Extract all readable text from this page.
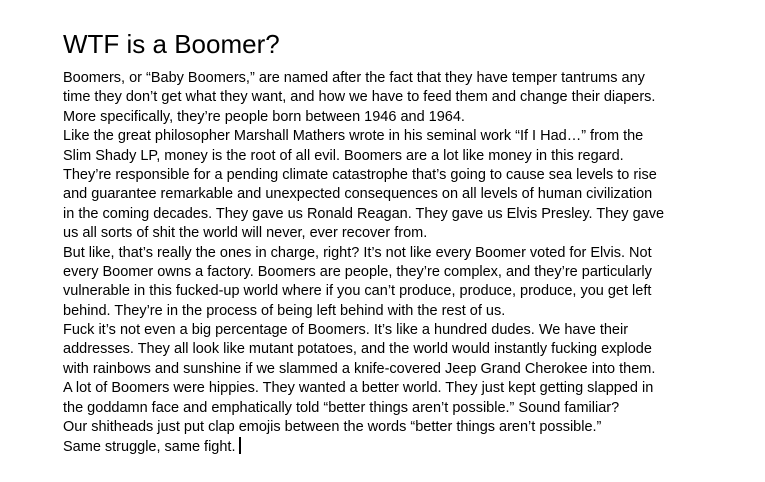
WTF is a Boomer?
Boomers, or “Baby Boomers,” are named after the fact that they have temper tantrums any
time they don’t get what they want, and how we have to feed them and change their diapers.
More specifically, they’re people born between 1946 and 1964.
Like the great philosopher Marshall Mathers wrote in his seminal work “If I Had…” from the
Slim Shady LP, money is the root of all evil. Boomers are a lot like money in this regard.
They’re responsible for a pending climate catastrophe that’s going to cause sea levels to rise
and guarantee remarkable and unexpected consequences on all levels of human civilization
in the coming decades. They gave us Ronald Reagan. They gave us Elvis Presley. They gave
us all sorts of shit the world will never, ever recover from.
But like, that’s really the ones in charge, right? It’s not like every Boomer voted for Elvis. Not
every Boomer owns a factory. Boomers are people, they’re complex, and they’re particularly
vulnerable in this fucked-up world where if you can’t produce, produce, produce, you get left
behind. They’re in the process of being left behind with the rest of us.
Fuck it’s not even a big percentage of Boomers. It’s like a hundred dudes. We have their
addresses. They all look like mutant potatoes, and the world would instantly fucking explode
with rainbows and sunshine if we slammed a knife-covered Jeep Grand Cherokee into them.
A lot of Boomers were hippies. They wanted a better world. They just kept getting slapped in
the goddamn face and emphatically told “better things aren’t possible.” Sound familiar?
Our shitheads just put clap emojis between the words “better things aren’t possible.”
Same struggle, same fight.
